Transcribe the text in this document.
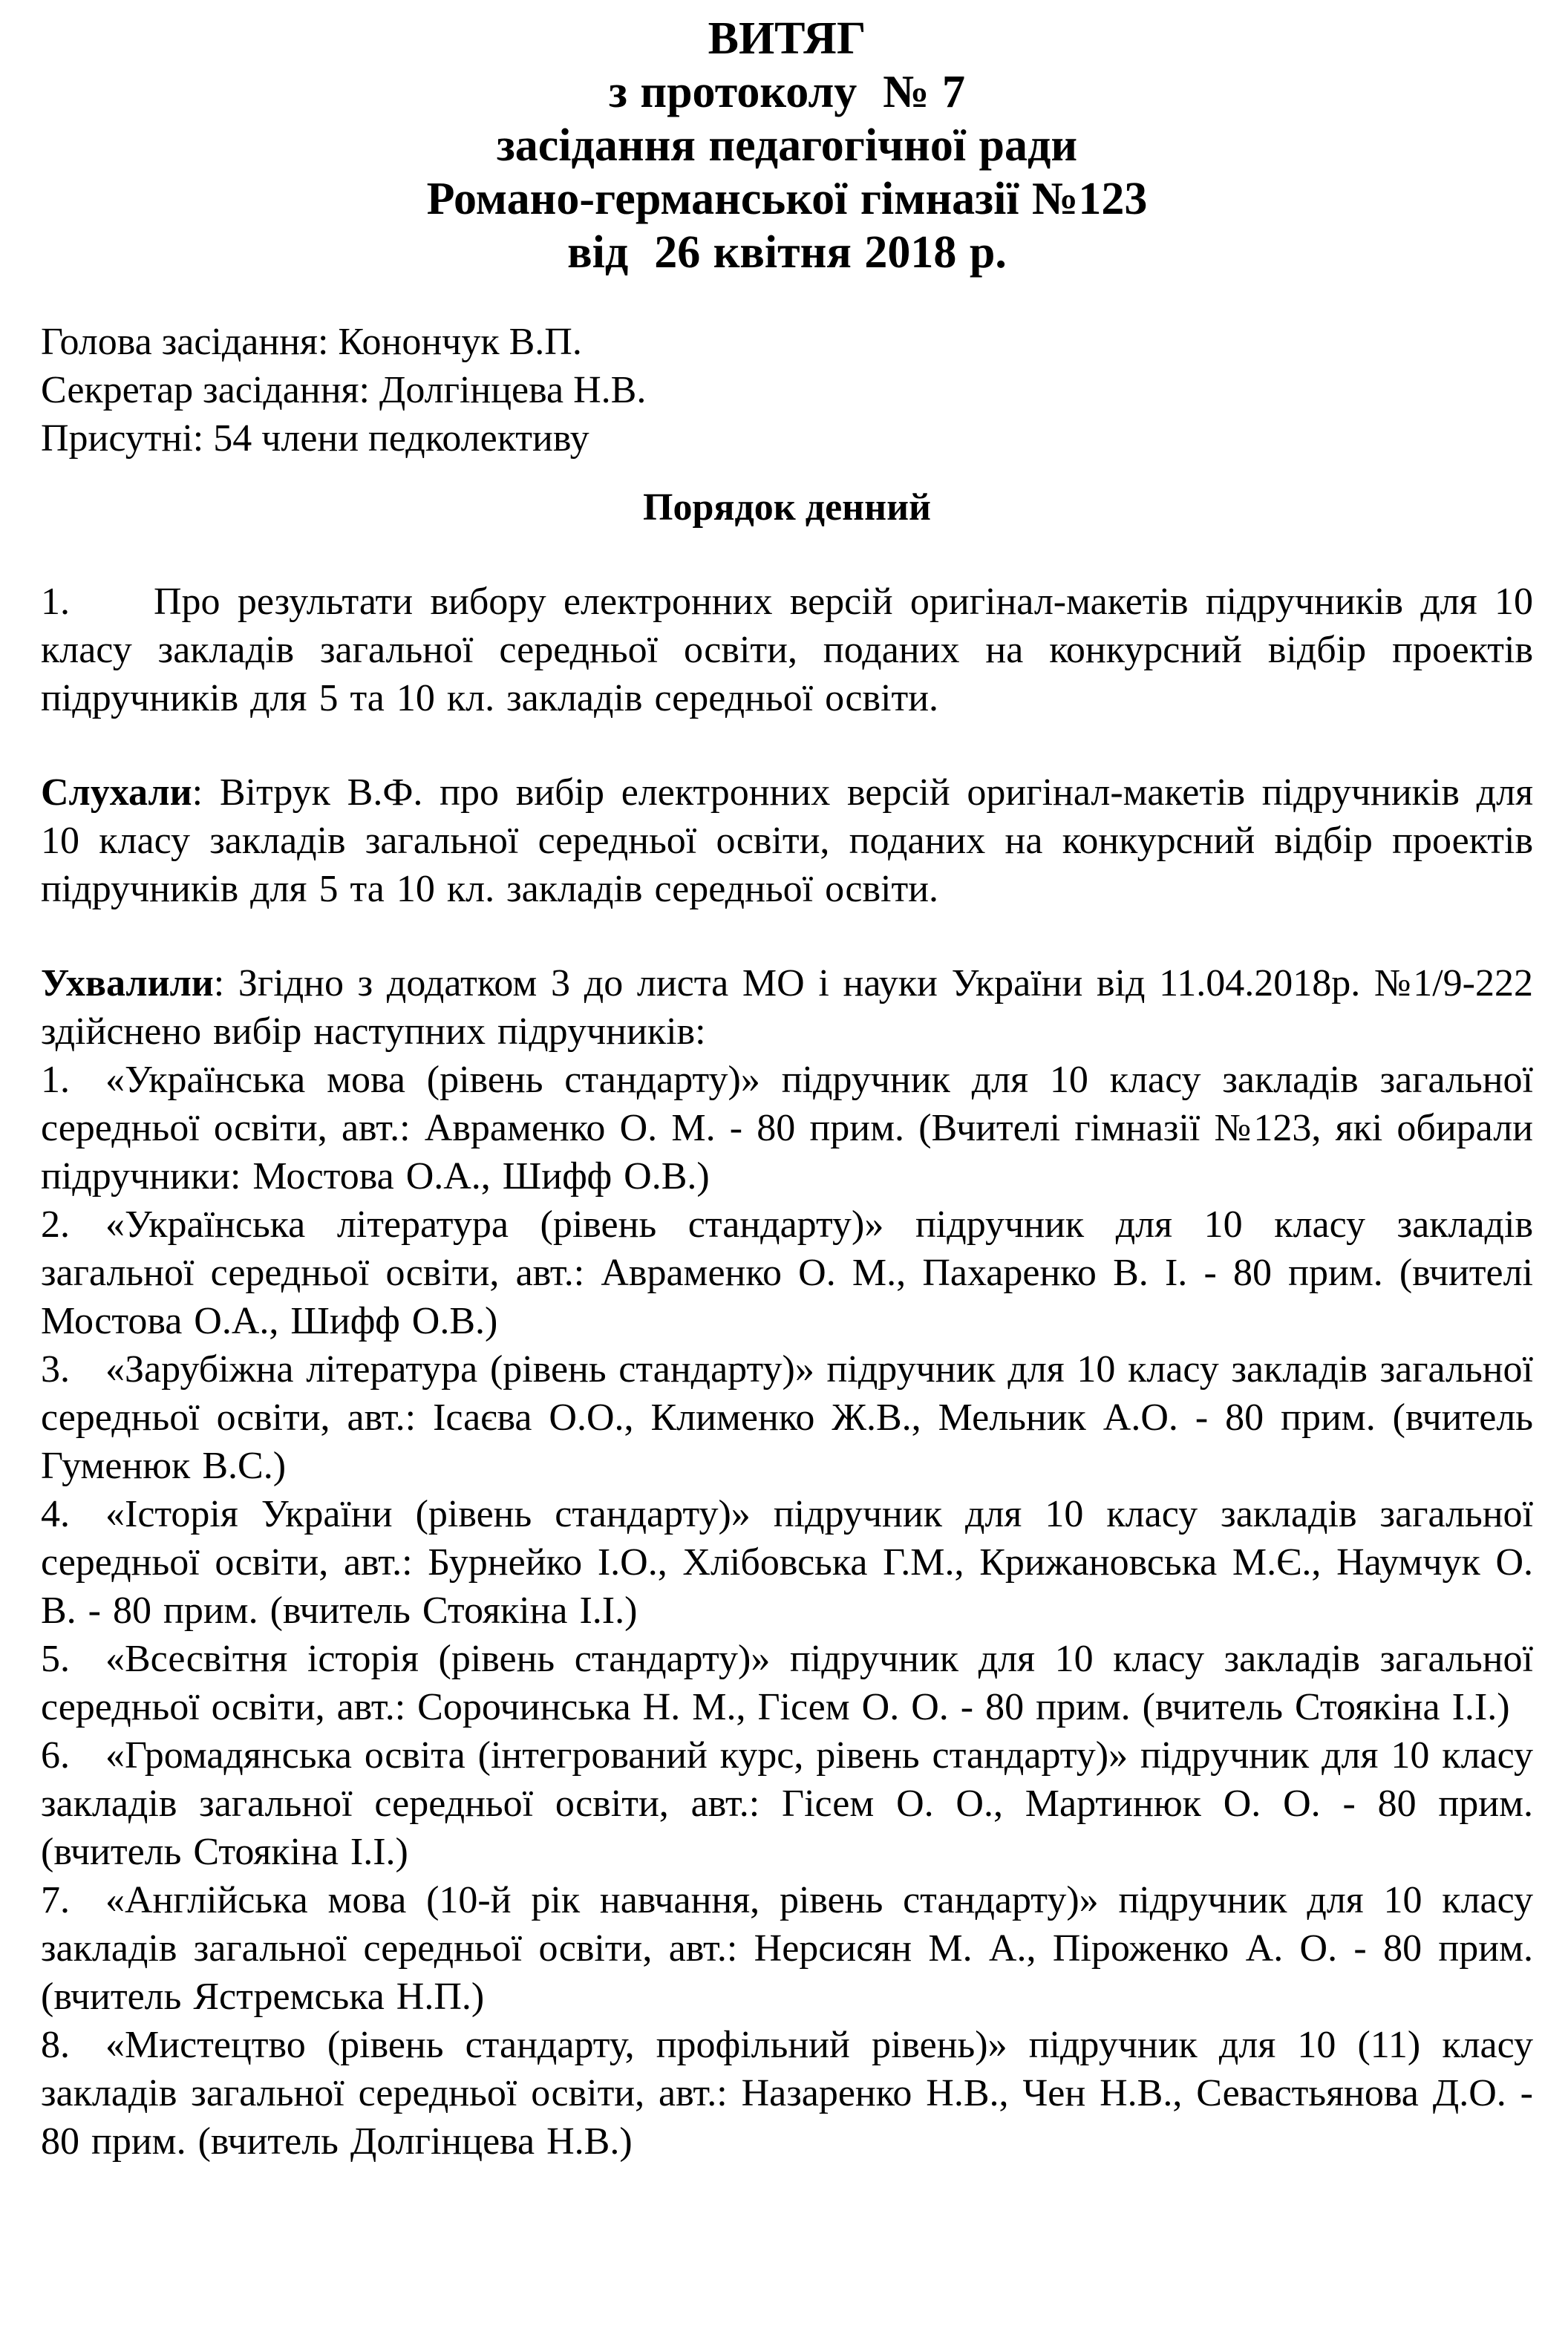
ВИТЯГ
з протоколу  № 7
засідання педагогічної ради
Романо-германської гімназії №123
від  26 квітня 2018 р.
Голова засідання: Конончук В.П.
Секретар засідання: Долгінцева Н.В.
Присутні: 54 члени педколективу
Порядок денний

1. Про результати вибору електронних версій оригінал-макетів підручників для 10 класу закладів загальної середньої освіти, поданих на конкурсний відбір проектів підручників для 5 та 10 кл. закладів середньої освіти.

Слухали: Вітрук В.Ф. про вибір електронних версій оригінал-макетів підручників для 10 класу закладів загальної середньої освіти, поданих на конкурсний відбір проектів підручників для 5 та 10 кл. закладів середньої освіти.

Ухвалили: Згідно з додатком 3 до листа МО і науки України від 11.04.2018р. №1/9-222 здійснено вибір наступних підручників:

1. «Українська мова (рівень стандарту)» підручник для 10 класу закладів загальної середньої освіти, авт.: Авраменко О. М. - 80 прим. (Вчителі гімназії №123, які обирали підручники: Мостова О.А., Шифф О.В.)

2. «Українська література (рівень стандарту)» підручник для 10 класу закладів загальної середньої освіти, авт.: Авраменко О. М., Пахаренко В. І. - 80 прим. (вчителі Мостова О.А., Шифф О.В.)

3. «Зарубіжна література (рівень стандарту)» підручник для 10 класу закладів загальної середньої освіти, авт.: Ісаєва О.О., Клименко Ж.В., Мельник А.О. - 80 прим. (вчитель Гуменюк В.С.)

4. «Історія України (рівень стандарту)» підручник для 10 класу закладів загальної середньої освіти, авт.: Бурнейко І.О., Хлібовська Г.М., Крижановська М.Є., Наумчук О. В. - 80 прим. (вчитель Стоякіна І.І.)

5. «Всесвітня історія (рівень стандарту)» підручник для 10 класу закладів загальної середньої освіти, авт.: Сорочинська Н. М., Гісем О. О. - 80 прим. (вчитель Стоякіна І.І.)

6. «Громадянська освіта (інтегрований курс, рівень стандарту)» підручник для 10 класу закладів загальної середньої освіти, авт.: Гісем О. О., Мартинюк О. О. - 80 прим. (вчитель Стоякіна І.І.)

7. «Англійська мова (10-й рік навчання, рівень стандарту)» підручник для 10 класу закладів загальної середньої освіти, авт.: Нерсисян М. А., Піроженко А. О. - 80 прим. (вчитель Ястремська Н.П.)

8. «Мистецтво (рівень стандарту, профільний рівень)» підручник для 10 (11) класу закладів загальної середньої освіти, авт.: Назаренко Н.В., Чен Н.В., Севастьянова Д.О. - 80 прим. (вчитель Долгінцева Н.В.)
